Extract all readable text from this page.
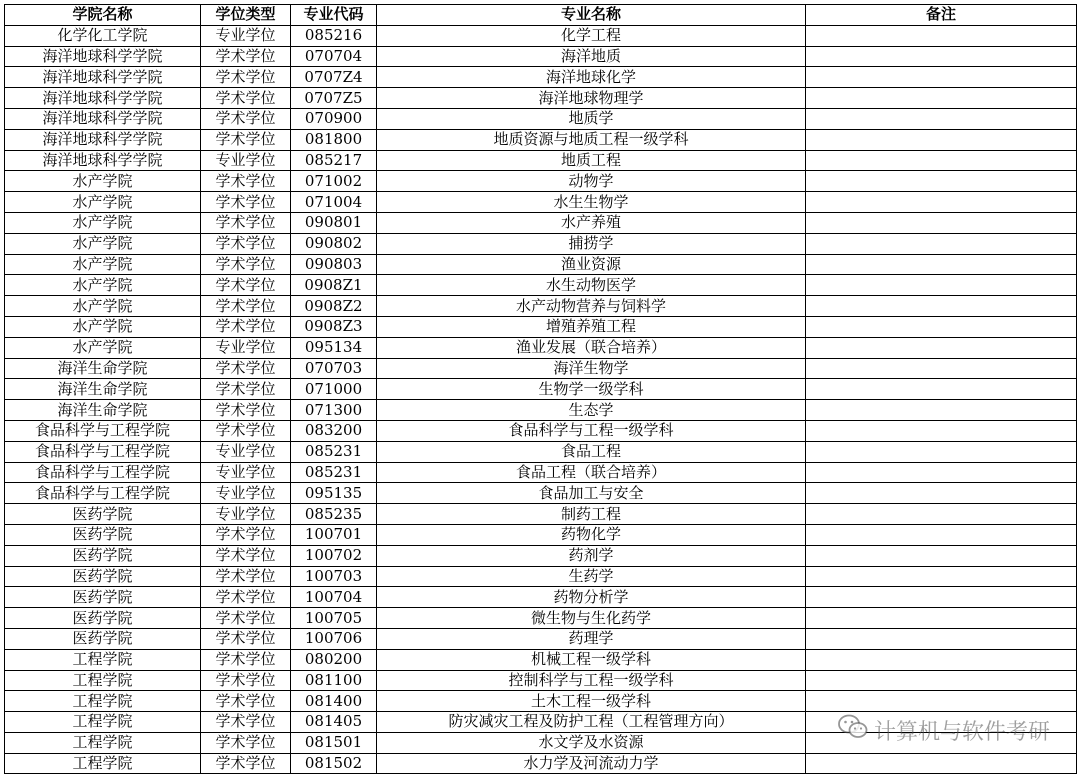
学院名称	学位类型	专业代码	专业名称	备注
化学化工学院	专业学位	085216	化学工程	
海洋地球科学学院	学术学位	070704	海洋地质	
海洋地球科学学院	学术学位	0707Z4	海洋地球化学	
海洋地球科学学院	学术学位	0707Z5	海洋地球物理学	
海洋地球科学学院	学术学位	070900	地质学	
海洋地球科学学院	学术学位	081800	地质资源与地质工程一级学科	
海洋地球科学学院	专业学位	085217	地质工程	
水产学院	学术学位	071002	动物学	
水产学院	学术学位	071004	水生生物学	
水产学院	学术学位	090801	水产养殖	
水产学院	学术学位	090802	捕捞学	
水产学院	学术学位	090803	渔业资源	
水产学院	学术学位	0908Z1	水生动物医学	
水产学院	学术学位	0908Z2	水产动物营养与饲料学	
水产学院	学术学位	0908Z3	增殖养殖工程	
水产学院	专业学位	095134	渔业发展（联合培养）	
海洋生命学院	学术学位	070703	海洋生物学	
海洋生命学院	学术学位	071000	生物学一级学科	
海洋生命学院	学术学位	071300	生态学	
食品科学与工程学院	学术学位	083200	食品科学与工程一级学科	
食品科学与工程学院	专业学位	085231	食品工程	
食品科学与工程学院	专业学位	085231	食品工程（联合培养）	
食品科学与工程学院	专业学位	095135	食品加工与安全	
医药学院	专业学位	085235	制药工程	
医药学院	学术学位	100701	药物化学	
医药学院	学术学位	100702	药剂学	
医药学院	学术学位	100703	生药学	
医药学院	学术学位	100704	药物分析学	
医药学院	学术学位	100705	微生物与生化药学	
医药学院	学术学位	100706	药理学	
工程学院	学术学位	080200	机械工程一级学科	
工程学院	学术学位	081100	控制科学与工程一级学科	
工程学院	学术学位	081400	土木工程一级学科	
工程学院	学术学位	081405	防灾减灾工程及防护工程（工程管理方向）	
工程学院	学术学位	081501	水文学及水资源	
工程学院	学术学位	081502	水力学及河流动力学	
计算机与软件考研
